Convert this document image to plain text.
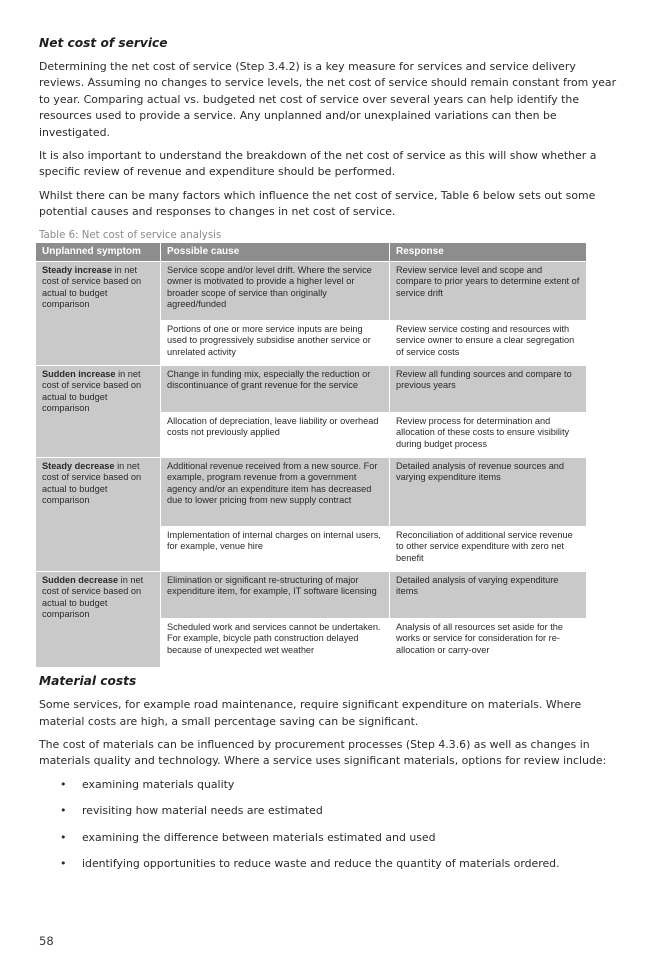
Net cost of service

Determining the net cost of service (Step 3.4.2) is a key measure for services and service delivery reviews. Assuming no changes to service levels, the net cost of service should remain constant from year to year. Comparing actual vs. budgeted net cost of service over several years can help identify the resources used to provide a service. Any unplanned and/or unexplained variations can then be investigated.

It is also important to understand the breakdown of the net cost of service as this will show whether a specific review of revenue and expenditure should be performed.

Whilst there can be many factors which influence the net cost of service, Table 6 below sets out some potential causes and responses to changes in net cost of service.

Table 6: Net cost of service analysis
Unplanned symptom	Possible cause	Response
Steady increase in net cost of service based on actual to budget comparison	Service scope and/or level drift. Where the service owner is motivated to provide a higher level or broader scope of service than originally agreed/funded	Review service level and scope and compare to prior years to determine extent of service drift
	Portions of one or more service inputs are being used to progressively subsidise another service or unrelated activity	Review service costing and resources with service owner to ensure a clear segregation of service costs
Sudden increase in net cost of service based on actual to budget comparison	Change in funding mix, especially the reduction or discontinuance of grant revenue for the service	Review all funding sources and compare to previous years
	Allocation of depreciation, leave liability or overhead costs not previously applied	Review process for determination and allocation of these costs to ensure visibility during budget process
Steady decrease in net cost of service based on actual to budget comparison	Additional revenue received from a new source. For example, program revenue from a government agency and/or an expenditure item has decreased due to lower pricing from new supply contract	Detailed analysis of revenue sources and varying expenditure items
	Implementation of internal charges on internal users, for example, venue hire	Reconciliation of additional service revenue to other service expenditure with zero net benefit
Sudden decrease in net cost of service based on actual to budget comparison	Elimination or significant re-structuring of major expenditure item, for example, IT software licensing	Detailed analysis of varying expenditure items
	Scheduled work and services cannot be undertaken. For example, bicycle path construction delayed because of unexpected wet weather	Analysis of all resources set aside for the works or service for consideration for re-allocation or carry-over
Material costs

Some services, for example road maintenance, require significant expenditure on materials. Where material costs are high, a small percentage saving can be significant.

The cost of materials can be influenced by procurement processes (Step 4.3.6) as well as changes in materials quality and technology. Where a service uses significant materials, options for review include:

• examining materials quality
• revisiting how material needs are estimated
• examining the difference between materials estimated and used
• identifying opportunities to reduce waste and reduce the quantity of materials ordered.
58
